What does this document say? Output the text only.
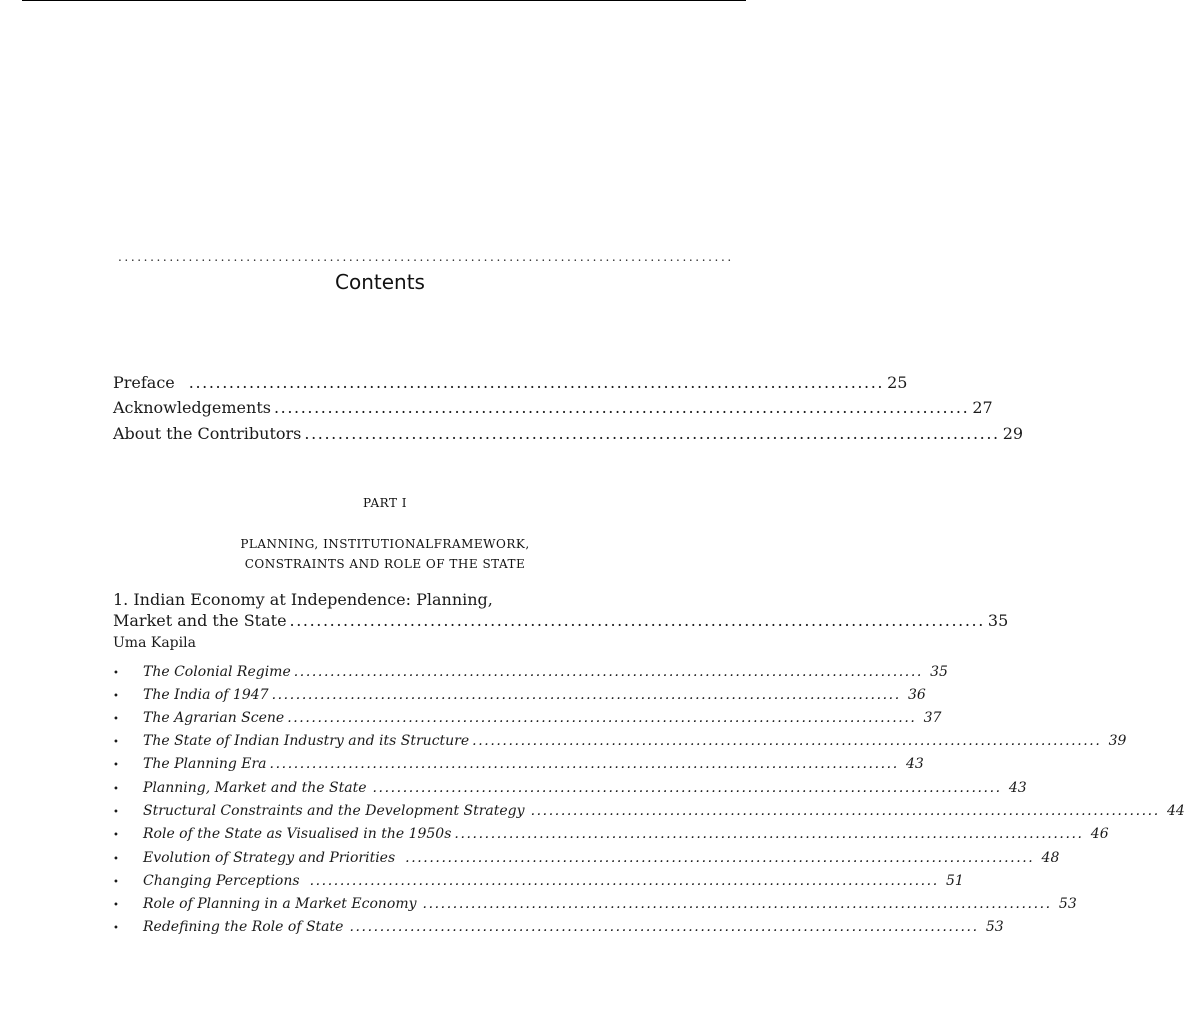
................................................................................................
Contents
Preface ........................................................................................................ 25
Acknowledgements ........................................................................................................ 27
About the Contributors ........................................................................................................ 29
PART I
PLANNING, INSTITUTIONALFRAMEWORK,
CONSTRAINTS AND ROLE OF THE STATE
1. Indian Economy at Independence: Planning,
Market and the State ........................................................................................................ 35
Uma Kapila
•	The Colonial Regime ........................................................................................................ 35
•	The India of 1947 ........................................................................................................ 36
•	The Agrarian Scene ........................................................................................................ 37
•	The State of Indian Industry and its Structure ........................................................................................................ 39
•	The Planning Era ........................................................................................................ 43
•	Planning, Market and the State ........................................................................................................ 43
•	Structural Constraints and the Development Strategy ........................................................................................................ 44
•	Role of the State as Visualised in the 1950s ........................................................................................................ 46
•	Evolution of Strategy and Priorities ........................................................................................................ 48
•	Changing Perceptions ........................................................................................................ 51
•	Role of Planning in a Market Economy ........................................................................................................ 53
•	Redefining the Role of State ........................................................................................................ 53
